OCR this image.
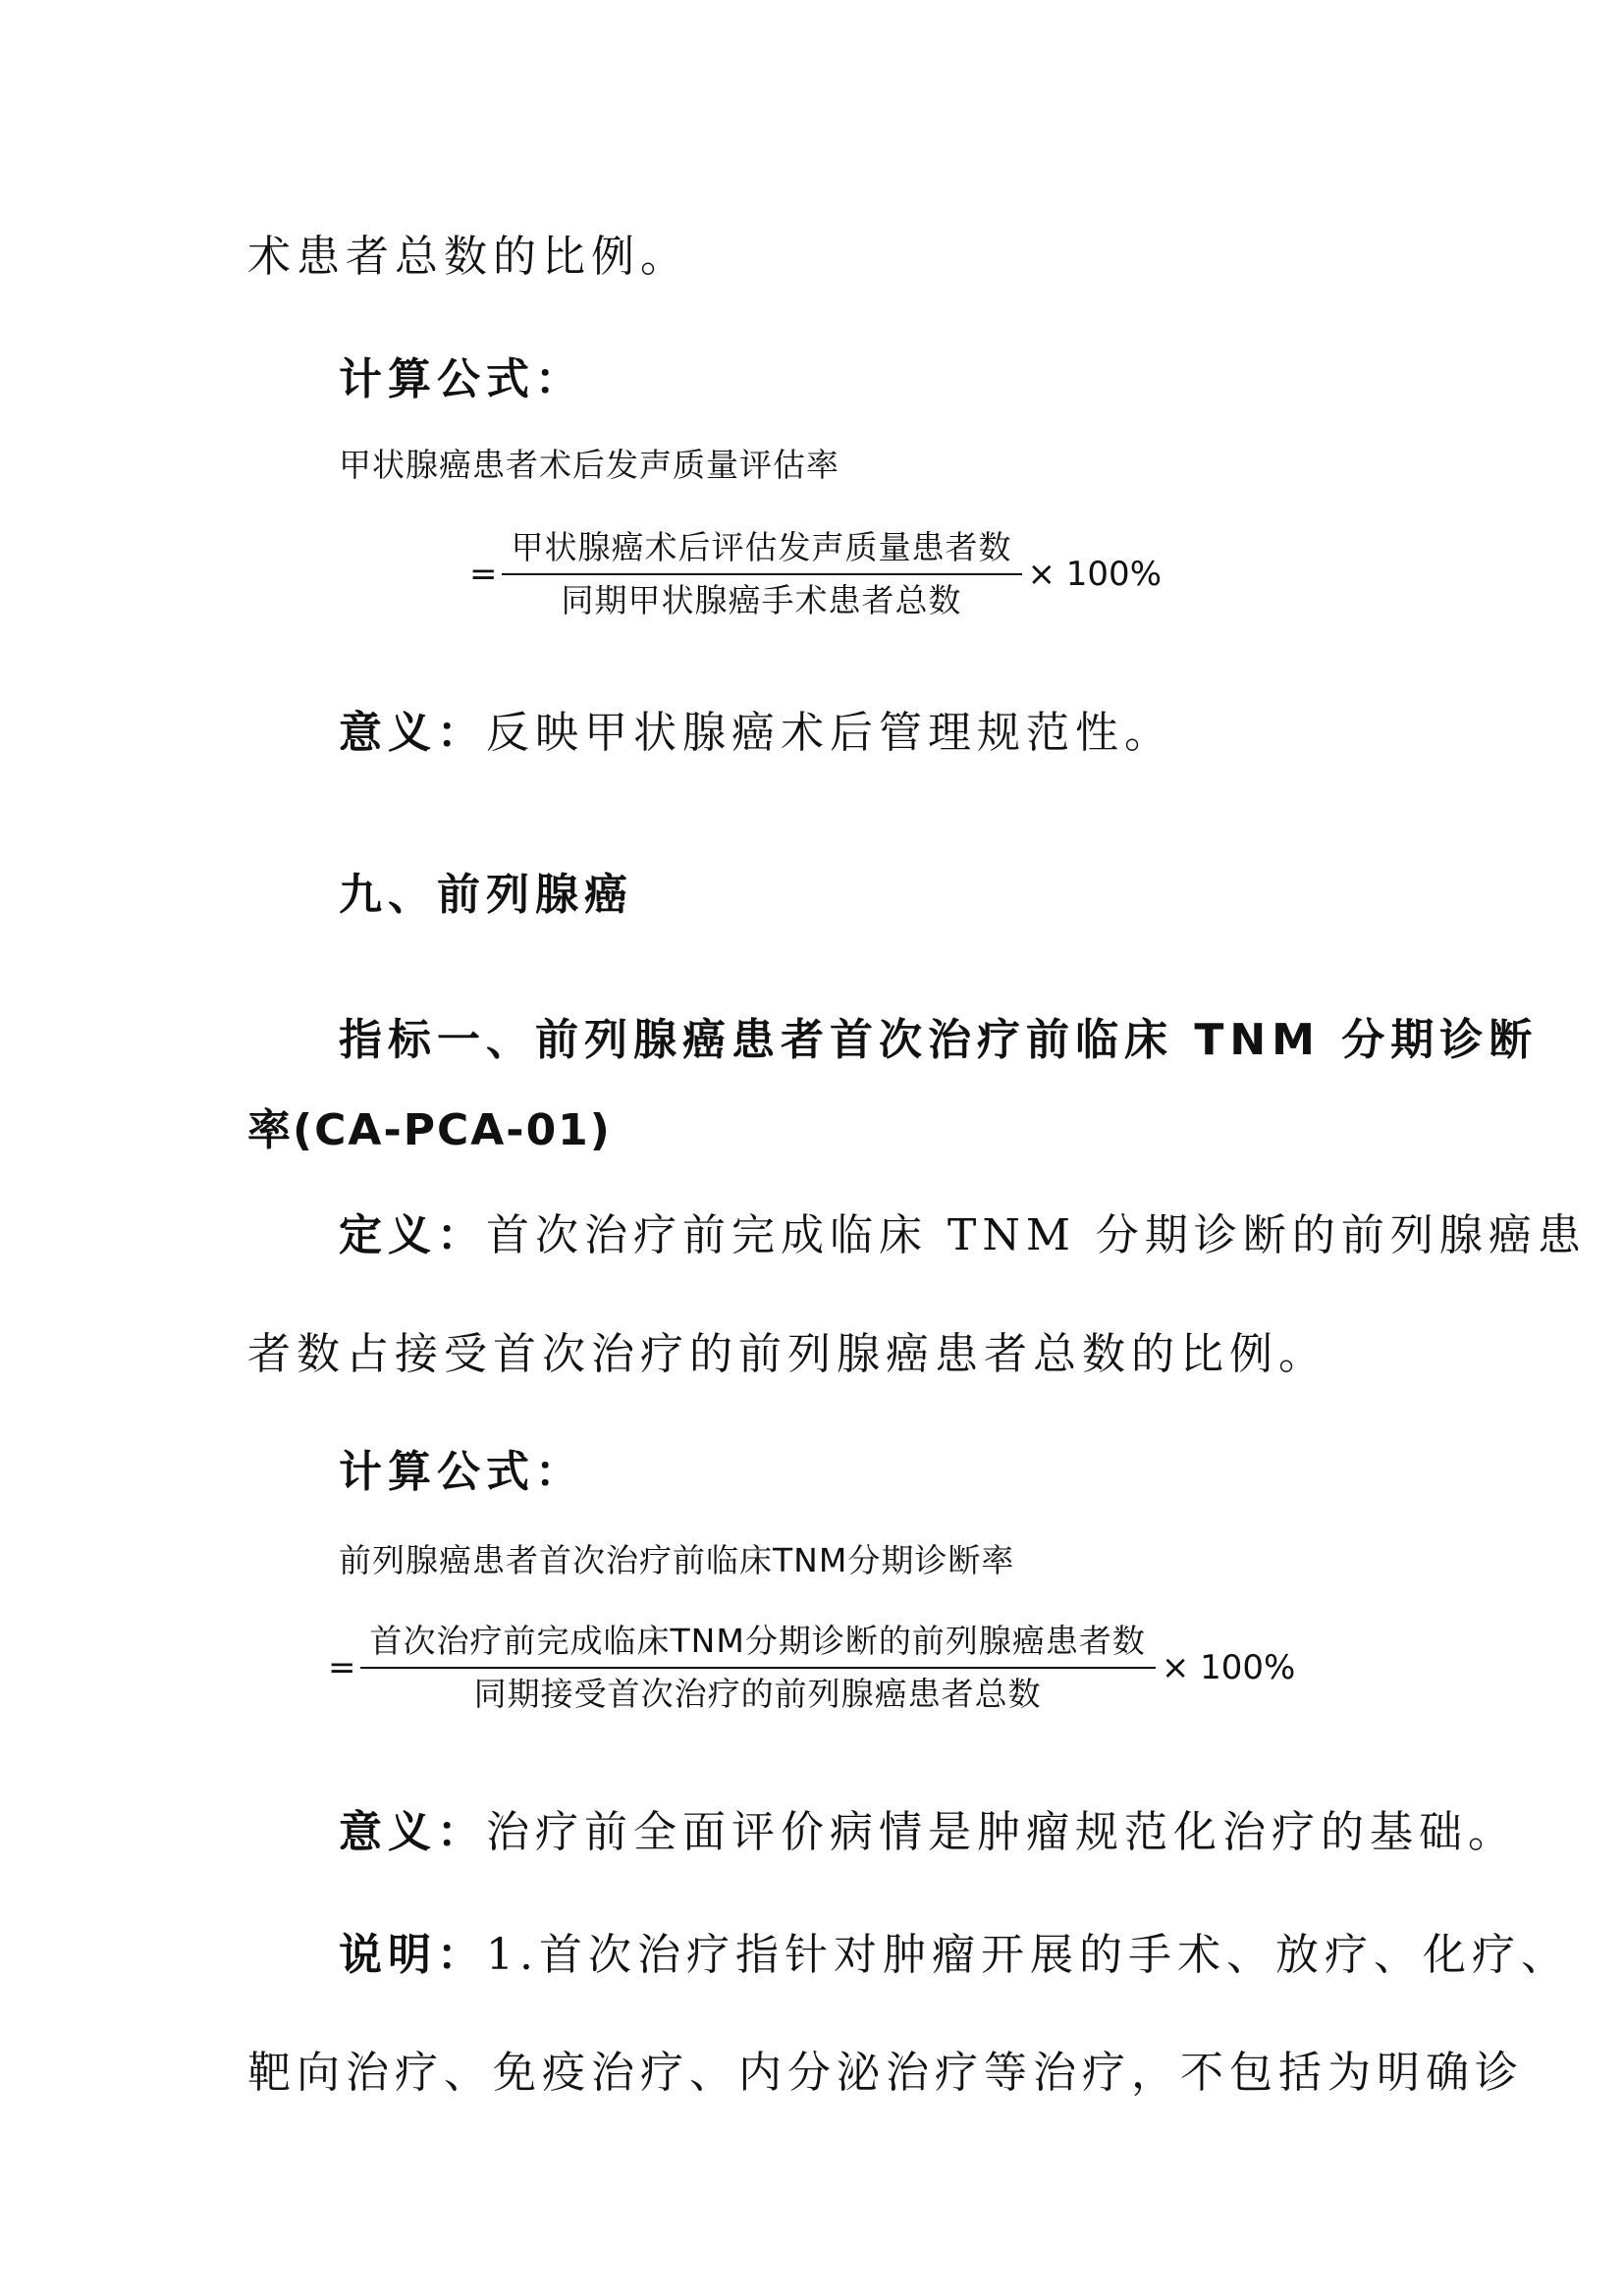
术患者总数的比例。
计算公式：
甲状腺癌患者术后发声质量评估率
= $\frac{\text{甲状腺癌术后评估发声质量患者数}}{\text{同期甲状腺癌手术患者总数}} \times 100\%$
意义：反映甲状腺癌术后管理规范性。
九、前列腺癌
指标一、前列腺癌患者首次治疗前临床 TNM 分期诊断
率(CA-PCA-01)
定义：首次治疗前完成临床 TNM 分期诊断的前列腺癌患
者数占接受首次治疗的前列腺癌患者总数的比例。
计算公式：
前列腺癌患者首次治疗前临床TNM分期诊断率
= $\frac{\text{首次治疗前完成临床TNM分期诊断的前列腺癌患者数}}{\text{同期接受首次治疗的前列腺癌患者总数}} \times 100\%$
意义：治疗前全面评价病情是肿瘤规范化治疗的基础。
说明：1.首次治疗指针对肿瘤开展的手术、放疗、化疗、
靶向治疗、免疫治疗、内分泌治疗等治疗，不包括为明确诊
